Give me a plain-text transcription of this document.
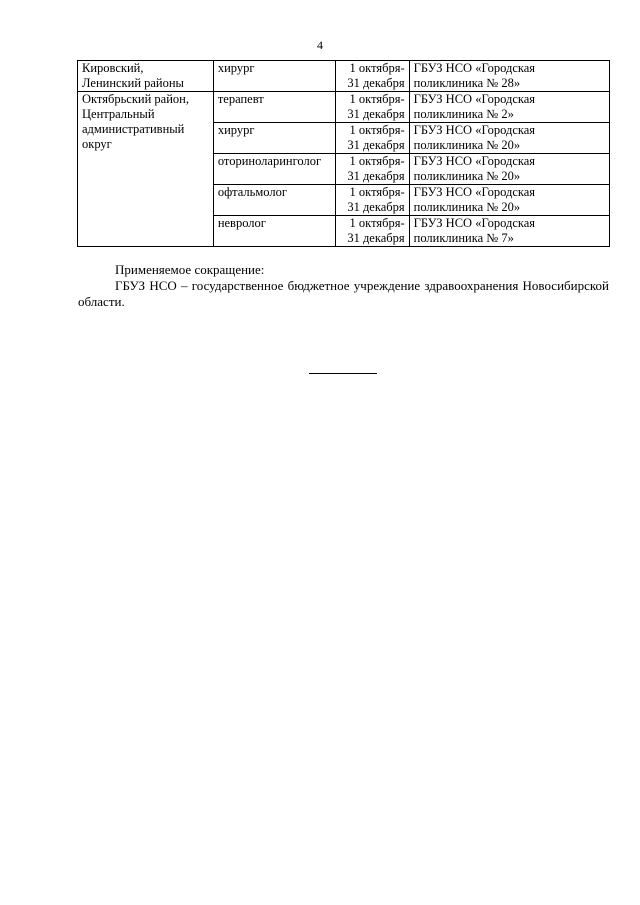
4
Кировский,
Ленинский районы	хирург	1 октября-
31 декабря	ГБУЗ НСО «Городская
поликлиника № 28»

Октябрьский район,
Центральный
административный
округ	терапевт	1 октября-
31 декабря	ГБУЗ НСО «Городская
поликлиника № 2»

	хирург	1 октября-
31 декабря	ГБУЗ НСО «Городская
поликлиника № 20»

	оториноларинголог	1 октября-
31 декабря	ГБУЗ НСО «Городская
поликлиника № 20»

	офтальмолог	1 октября-
31 декабря	ГБУЗ НСО «Городская
поликлиника № 20»

	невролог	1 октября-
31 декабря	ГБУЗ НСО «Городская
поликлиника № 7»
Применяемое сокращение:
ГБУЗ НСО – государственное бюджетное учреждение здравоохранения Новосибирской области.
